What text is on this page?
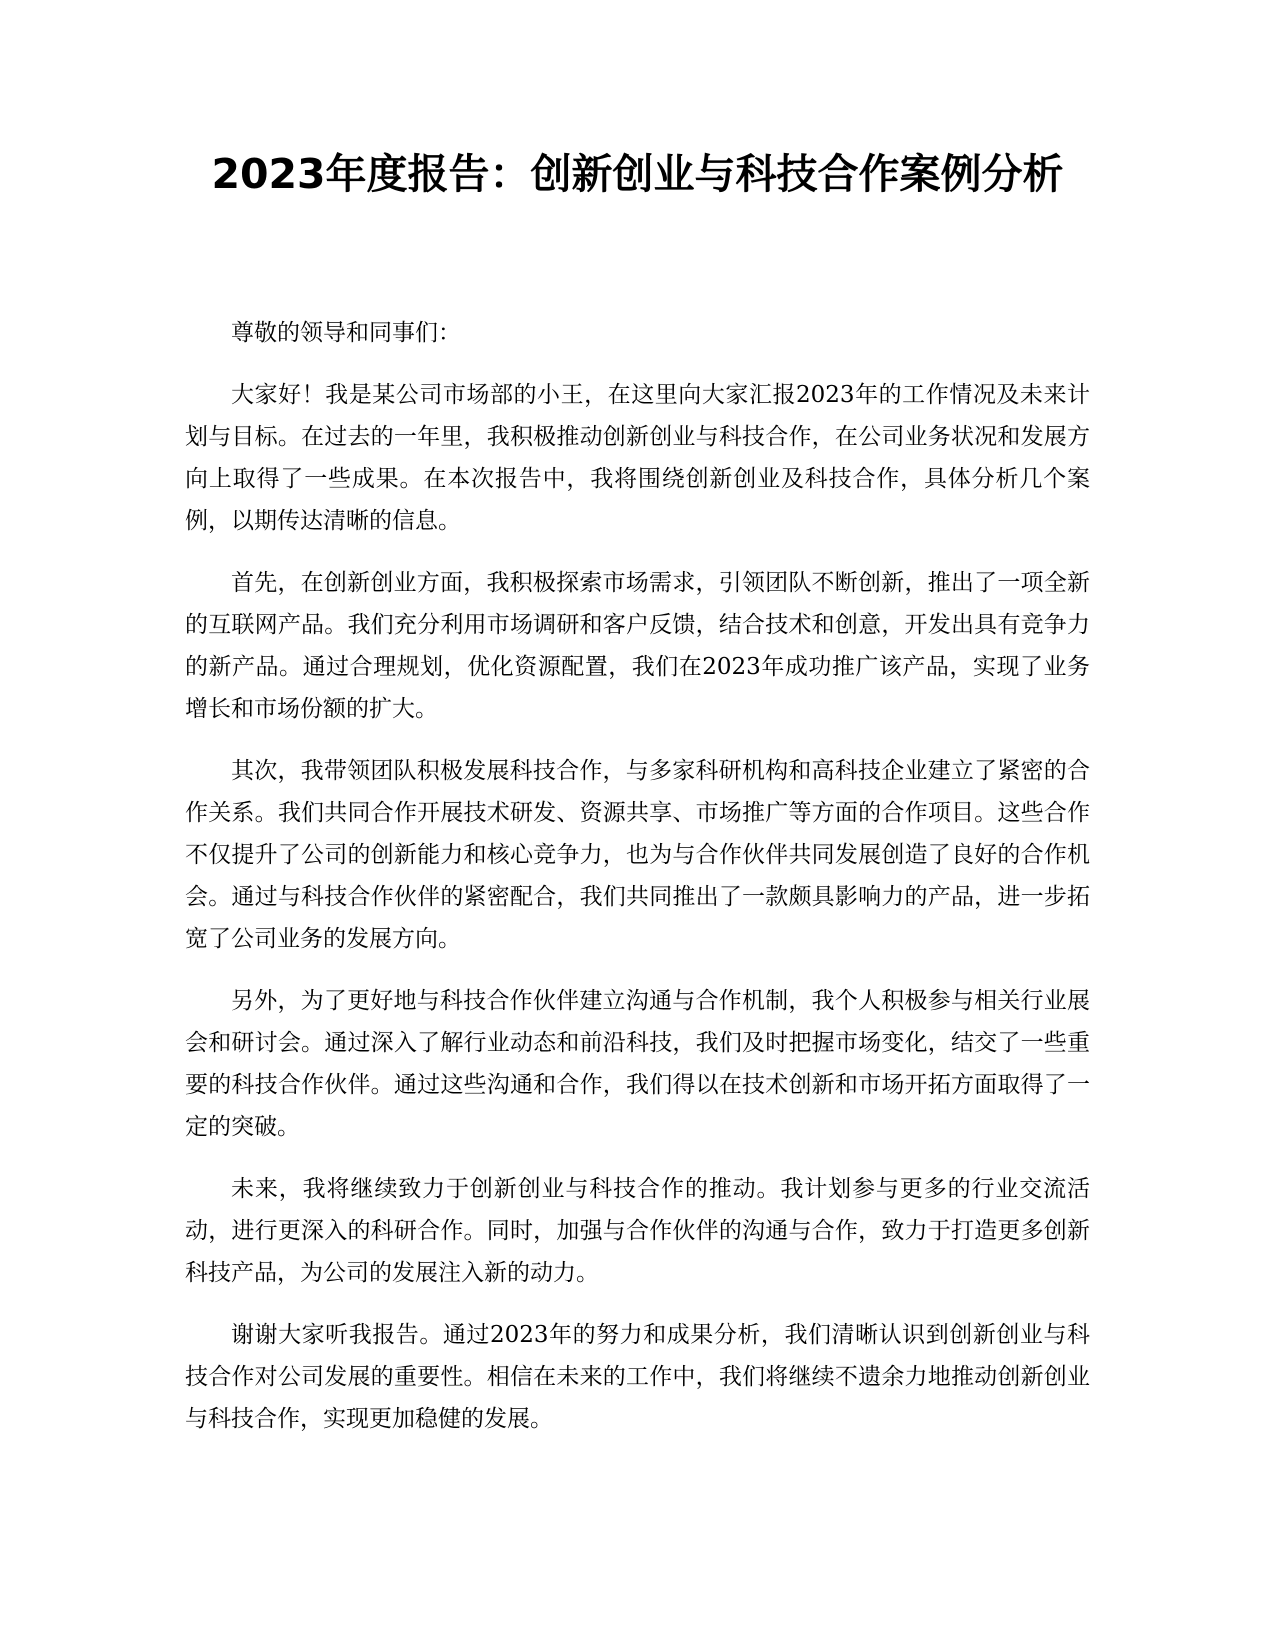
2023年度报告：创新创业与科技合作案例分析

尊敬的领导和同事们：

大家好！我是某公司市场部的小王，在这里向大家汇报2023年的工作情况及未来计划与目标。在过去的一年里，我积极推动创新创业与科技合作，在公司业务状况和发展方向上取得了一些成果。在本次报告中，我将围绕创新创业及科技合作，具体分析几个案例，以期传达清晰的信息。

首先，在创新创业方面，我积极探索市场需求，引领团队不断创新，推出了一项全新的互联网产品。我们充分利用市场调研和客户反馈，结合技术和创意，开发出具有竞争力的新产品。通过合理规划，优化资源配置，我们在2023年成功推广该产品，实现了业务增长和市场份额的扩大。

其次，我带领团队积极发展科技合作，与多家科研机构和高科技企业建立了紧密的合作关系。我们共同合作开展技术研发、资源共享、市场推广等方面的合作项目。这些合作不仅提升了公司的创新能力和核心竞争力，也为与合作伙伴共同发展创造了良好的合作机会。通过与科技合作伙伴的紧密配合，我们共同推出了一款颇具影响力的产品，进一步拓宽了公司业务的发展方向。

另外，为了更好地与科技合作伙伴建立沟通与合作机制，我个人积极参与相关行业展会和研讨会。通过深入了解行业动态和前沿科技，我们及时把握市场变化，结交了一些重要的科技合作伙伴。通过这些沟通和合作，我们得以在技术创新和市场开拓方面取得了一定的突破。

未来，我将继续致力于创新创业与科技合作的推动。我计划参与更多的行业交流活动，进行更深入的科研合作。同时，加强与合作伙伴的沟通与合作，致力于打造更多创新科技产品，为公司的发展注入新的动力。

谢谢大家听我报告。通过2023年的努力和成果分析，我们清晰认识到创新创业与科技合作对公司发展的重要性。相信在未来的工作中，我们将继续不遗余力地推动创新创业与科技合作，实现更加稳健的发展。
